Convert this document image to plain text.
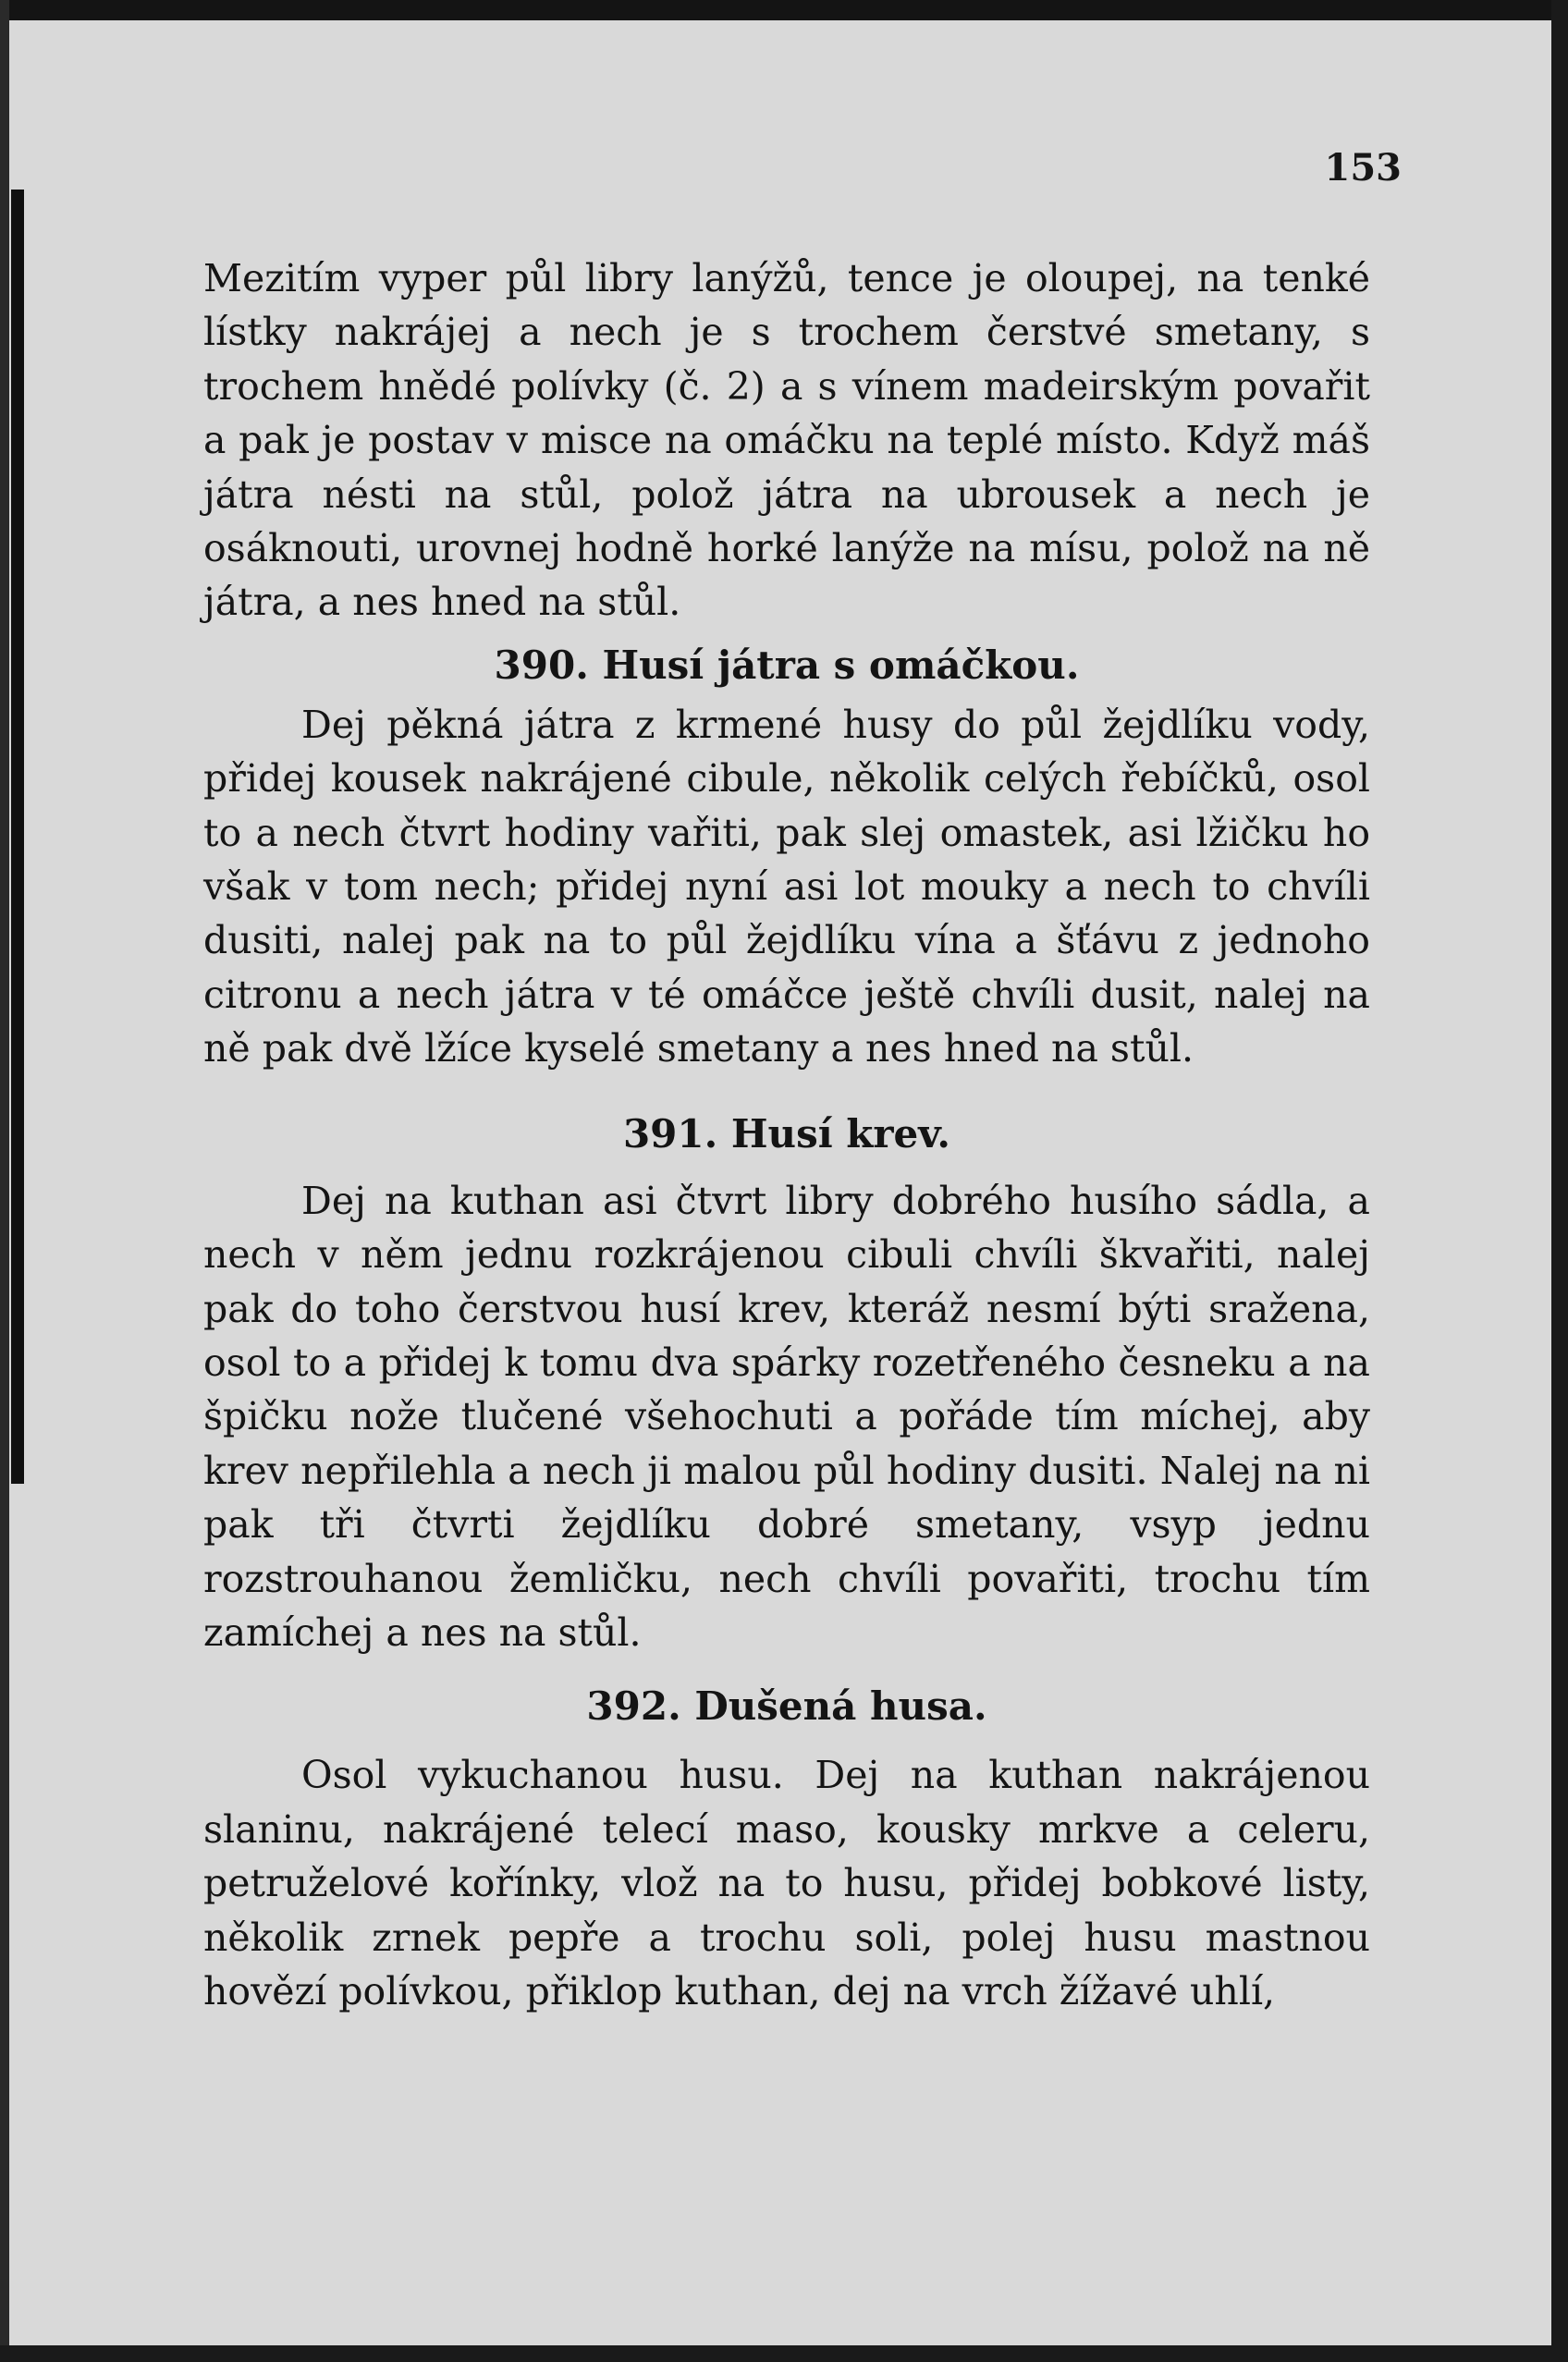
153

Mezitím vyper půl libry lanýžů, tence je oloupej, na tenké lístky nakrájej a nech je s trochem čerstvé smetany, s trochem hnědé polívky (č. 2) a s vínem madeirským povařit a pak je postav v misce na omáčku na teplé místo. Když máš játra nésti na stůl, polož játra na ubrousek a nech je osáknouti, urovnej hodně horké lanýže na mísu, polož na ně játra, a nes hned na stůl.

390. Husí játra s omáčkou.

Dej pěkná játra z krmené husy do půl žejdlíku vody, přidej kousek nakrájené cibule, několik celých řebíčků, osol to a nech čtvrt hodiny vařiti, pak slej omastek, asi lžičku ho však v tom nech; přidej nyní asi lot mouky a nech to chvíli dusiti, nalej pak na to půl žejdlíku vína a šťávu z jednoho citronu a nech játra v té omáčce ještě chvíli dusit, nalej na ně pak dvě lžíce kyselé smetany a nes hned na stůl.

391. Husí krev.

Dej na kuthan asi čtvrt libry dobrého husího sádla, a nech v něm jednu rozkrájenou cibuli chvíli škvařiti, nalej pak do toho čerstvou husí krev, kteráž nesmí býti sražena, osol to a přidej k tomu dva spárky rozetřeného česneku a na špičku nože tlučené všehochuti a pořáde tím míchej, aby krev nepřilehla a nech ji malou půl hodiny dusiti. Nalej na ni pak tři čtvrti žejdlíku dobré smetany, vsyp jednu rozstrouhanou žemličku, nech chvíli povařiti, trochu tím zamíchej a nes na stůl.

392. Dušená husa.

Osol vykuchanou husu. Dej na kuthan nakrájenou slaninu, nakrájené telecí maso, kousky mrkve a celeru, petruželové kořínky, vlož na to husu, přidej bobkové listy, několik zrnek pepře a trochu soli, polej husu mastnou hovězí polívkou, přiklop kuthan, dej na vrch žížavé uhlí,
